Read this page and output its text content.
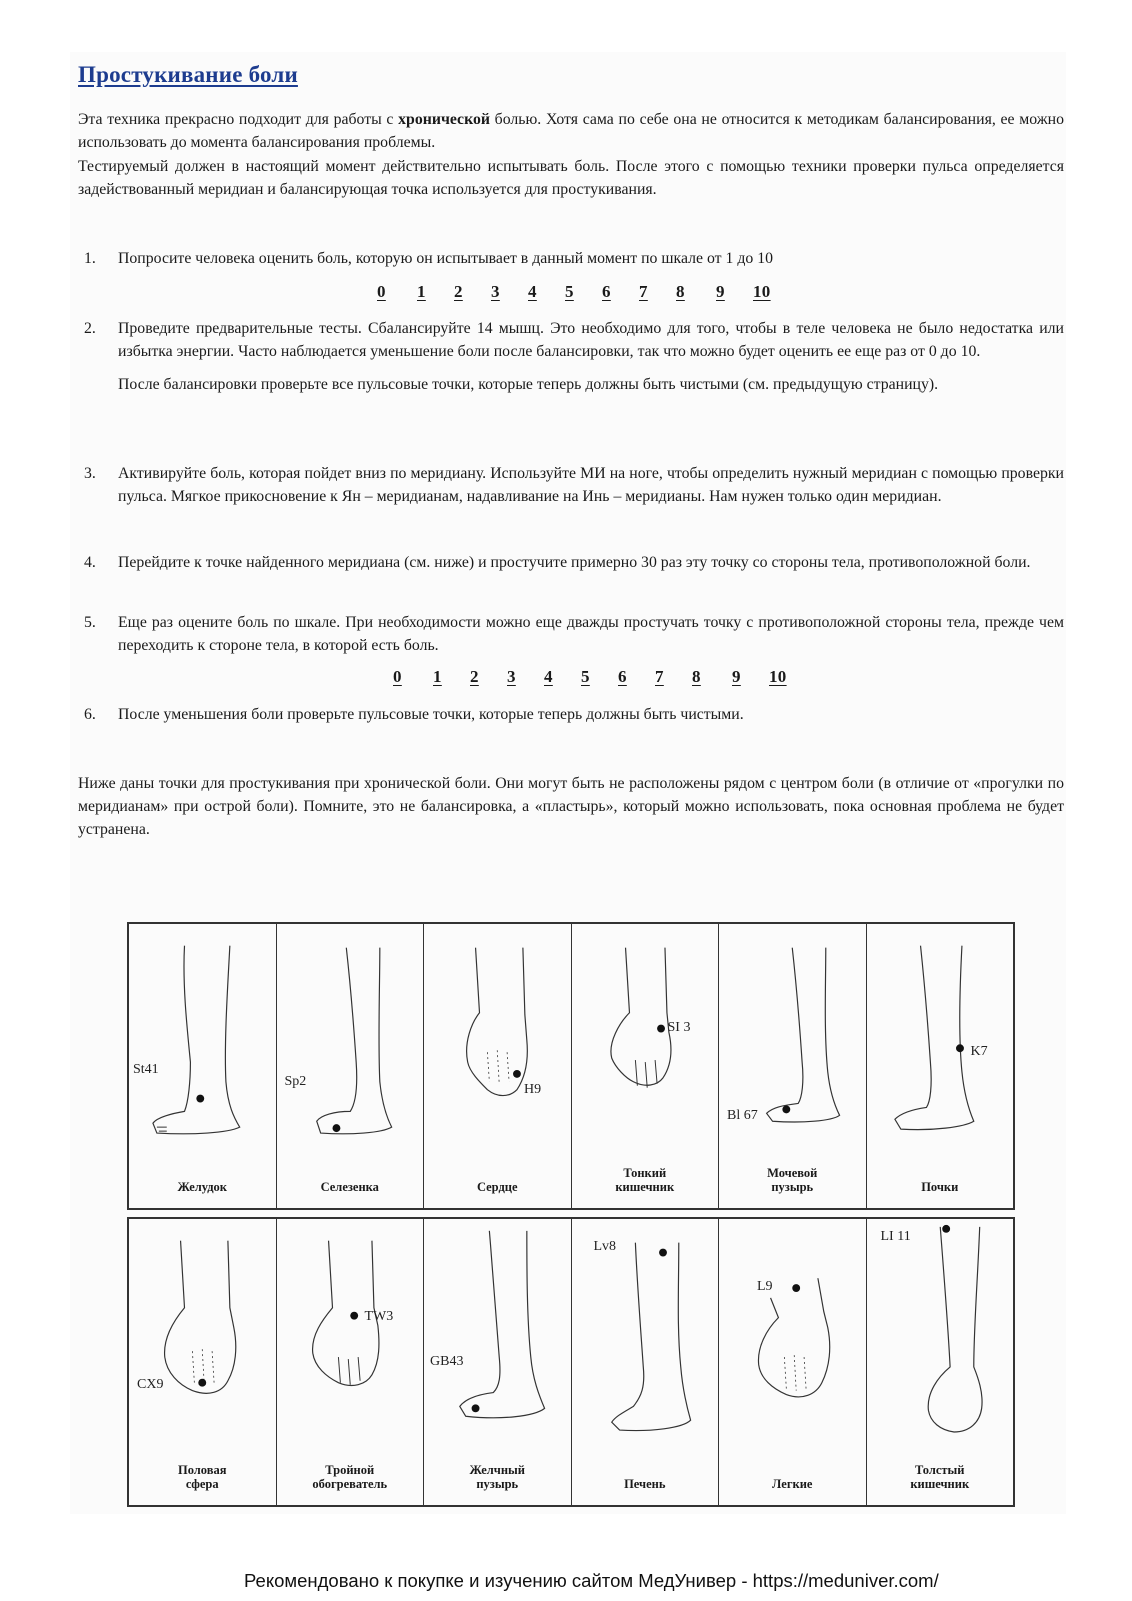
Простукивание боли
Эта техника прекрасно подходит для работы с хронической болью. Хотя сама по себе она не относится к методикам балансирования, ее можно использовать до момента балансирования проблемы.
Тестируемый должен в настоящий момент действительно испытывать боль. После этого с помощью техники проверки пульса определяется задействованный меридиан и балансирующая точка используется для простукивания.
1.	Попросите человека оценить боль, которую он испытывает в данный момент по шкале от 1 до 10
0	1	2	3	4	5	6	7	8	9	10
2.	Проведите предварительные тесты. Сбалансируйте 14 мышц. Это необходимо для того, чтобы в теле человека не было недостатка или избытка энергии. Часто наблюдается уменьшение боли после балансировки, так что можно будет оценить ее еще раз от 0 до 10.
После балансировки проверьте все пульсовые точки, которые теперь должны быть чистыми (см. предыдущую страницу).
3.	Активируйте боль, которая пойдет вниз по меридиану. Используйте МИ на ноге, чтобы определить нужный меридиан с помощью проверки пульса. Мягкое прикосновение к Ян – меридианам, надавливание на Инь – меридианы. Нам нужен только один меридиан.
4.	Перейдите к точке найденного меридиана (см. ниже) и простучите примерно 30 раз эту точку со стороны тела, противоположной боли.
5.	Еще раз оцените боль по шкале. При необходимости можно еще дважды простучать точку с противоположной стороны тела, прежде чем переходить к стороне тела, в которой есть боль.
0	1	2	3	4	5	6	7	8	9	10
6.	После уменьшения боли проверьте пульсовые точки, которые теперь должны быть чистыми.
Ниже даны точки для простукивания при хронической боли. Они могут быть не расположены рядом с центром боли (в отличие от «прогулки по меридианам» при острой боли). Помните, это не балансировка, а «пластырь», который можно использовать, пока основная проблема не будет устранена.
St41
Желудок
Sp2
Селезенка
H9
Сердце
SI 3
Тонкий
кишечник
Bl 67
Мочевой
пузырь
K7
Почки
CX9
Половая
сфера
TW3
Тройной
обогреватель
GB43
Желчный
пузырь
Lv8
Печень
L9
Легкие
LI 11
Толстый
кишечник
Рекомендовано к покупке и изучению сайтом МедУнивер - https://meduniver.com/
